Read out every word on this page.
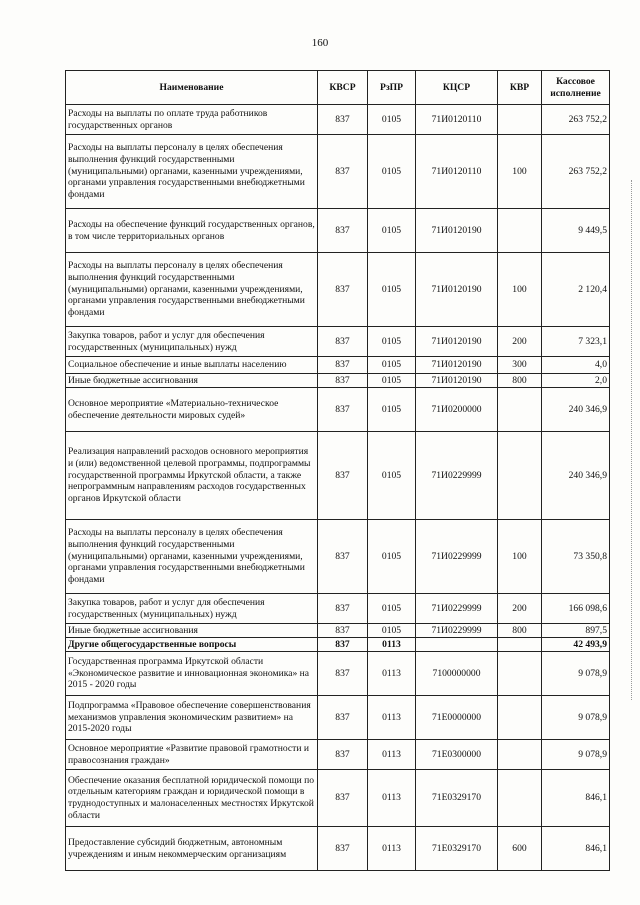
160
Наименование	КВСР	РзПР	КЦСР	КВР	Кассовое исполнение
Расходы на выплаты по оплате труда работников государственных органов	837	0105	71И0120110		263 752,2
Расходы на выплаты персоналу в целях обеспечения выполнения функций государственными (муниципальными) органами, казенными учреждениями, органами управления государственными внебюджетными фондами	837	0105	71И0120110	100	263 752,2
Расходы на обеспечение функций государственных органов, в том числе территориальных органов	837	0105	71И0120190		9 449,5
Расходы на выплаты персоналу в целях обеспечения выполнения функций государственными (муниципальными) органами, казенными учреждениями, органами управления государственными внебюджетными фондами	837	0105	71И0120190	100	2 120,4
Закупка товаров, работ и услуг для обеспечения государственных (муниципальных) нужд	837	0105	71И0120190	200	7 323,1
Социальное обеспечение и иные выплаты населению	837	0105	71И0120190	300	4,0
Иные бюджетные ассигнования	837	0105	71И0120190	800	2,0
Основное мероприятие «Материально-техническое обеспечение деятельности мировых судей»	837	0105	71И0200000		240 346,9
Реализация направлений расходов основного мероприятия и (или) ведомственной целевой программы, подпрограммы государственной программы Иркутской области, а также непрограммным направлениям расходов государственных органов Иркутской области	837	0105	71И0229999		240 346,9
Расходы на выплаты персоналу в целях обеспечения выполнения функций государственными (муниципальными) органами, казенными учреждениями, органами управления государственными внебюджетными фондами	837	0105	71И0229999	100	73 350,8
Закупка товаров, работ и услуг для обеспечения государственных (муниципальных) нужд	837	0105	71И0229999	200	166 098,6
Иные бюджетные ассигнования	837	0105	71И0229999	800	897,5
Другие общегосударственные вопросы	837	0113			42 493,9
Государственная программа Иркутской области «Экономическое развитие и инновационная экономика» на 2015 - 2020 годы	837	0113	7100000000		9 078,9
Подпрограмма «Правовое обеспечение совершенствования механизмов управления экономическим развитием» на 2015-2020 годы	837	0113	71Е0000000		9 078,9
Основное мероприятие «Развитие правовой грамотности и правосознания граждан»	837	0113	71Е0300000		9 078,9
Обеспечение оказания бесплатной юридической помощи по отдельным категориям граждан и юридической помощи в труднодоступных и малонаселенных местностях Иркутской области	837	0113	71Е0329170		846,1
Предоставление субсидий бюджетным, автономным учреждениям и иным некоммерческим организациям	837	0113	71Е0329170	600	846,1
